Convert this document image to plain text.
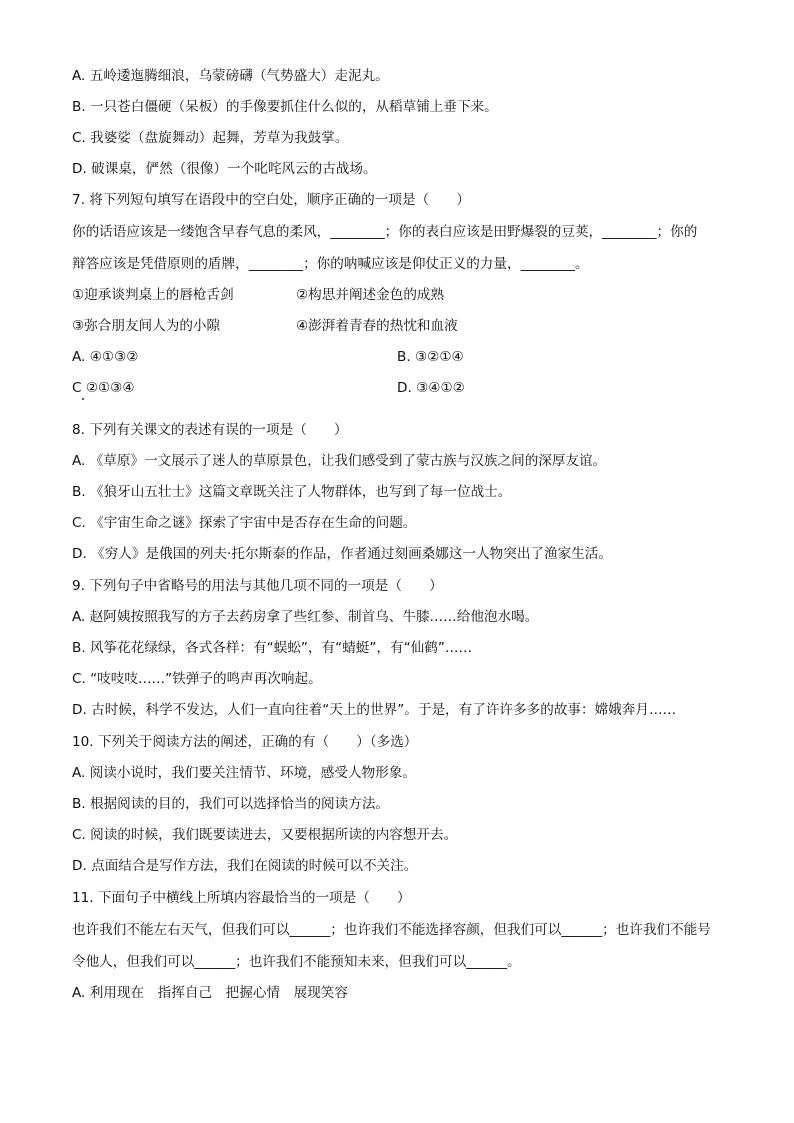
A. 五岭逶迤腾细浪，乌蒙磅礴（气势盛大）走泥丸。
B. 一只苍白僵硬（呆板）的手像要抓住什么似的，从稻草铺上垂下来。
C. 我婆娑（盘旋舞动）起舞，芳草为我鼓掌。
D. 破课桌，俨然（很像）一个叱咤风云的古战场。
7. 将下列短句填写在语段中的空白处，顺序正确的一项是（　　）
你的话语应该是一缕饱含早春气息的柔风，________；你的表白应该是田野爆裂的豆荚，________；你的
辩答应该是凭借原则的盾牌，________；你的呐喊应该是仰仗正义的力量，________。
①迎承谈判桌上的唇枪舌剑	②构思并阐述金色的成熟
③弥合朋友间人为的小隙	④澎湃着青春的热忱和血液
A. ④①③②	B. ③②①④
C ②①③④	D. ③④①②
8. 下列有关课文的表述有误的一项是（　　）
A. 《草原》一文展示了迷人的草原景色，让我们感受到了蒙古族与汉族之间的深厚友谊。
B. 《狼牙山五壮士》这篇文章既关注了人物群体，也写到了每一位战士。
C. 《宇宙生命之谜》探索了宇宙中是否存在生命的问题。
D. 《穷人》是俄国的列夫·托尔斯泰的作品，作者通过刻画桑娜这一人物突出了渔家生活。
9. 下列句子中省略号的用法与其他几项不同的一项是（　　）
A. 赵阿姨按照我写的方子去药房拿了些红参、制首乌、牛膝……给他泡水喝。
B. 风筝花花绿绿，各式各样：有“蜈蚣”，有“蜻蜓”，有“仙鹤”……
C. “吱吱吱……”铁弹子的鸣声再次响起。
D. 古时候，科学不发达，人们一直向往着“天上的世界”。于是，有了许许多多的故事：嫦娥奔月……
10. 下列关于阅读方法的阐述，正确的有（　　）（多选）
A. 阅读小说时，我们要关注情节、环境，感受人物形象。
B. 根据阅读的目的，我们可以选择恰当的阅读方法。
C. 阅读的时候，我们既要读进去，又要根据所读的内容想开去。
D. 点面结合是写作方法，我们在阅读的时候可以不关注。
11. 下面句子中横线上所填内容最恰当的一项是（　　）
也许我们不能左右天气，但我们可以______；也许我们不能选择容颜，但我们可以______；也许我们不能号
令他人，但我们可以______；也许我们不能预知未来，但我们可以______。
A. 利用现在　指挥自己　把握心情　展现笑容
